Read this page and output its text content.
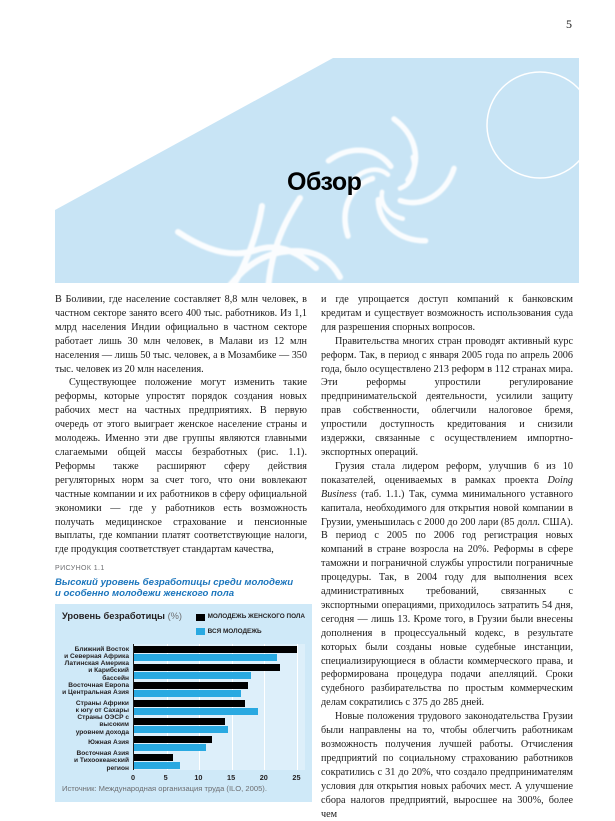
5
Обзор

В Боливии, где население составляет 8,8 млн человек, в частном секторе занято всего 400 тыс. работников. Из 1,1 млрд населения Индии официально в частном секторе работает лишь 30 млн человек, в Малави из 12 млн населения — лишь 50 тыс. человек, а в Мозамбике — 350 тыс. человек из 20 млн населения.

Существующее положение могут изменить такие реформы, которые упростят порядок создания новых рабочих мест на частных предприятиях. В первую очередь от этого выиграет женское население страны и молодежь. Именно эти две группы являются главными слагаемыми общей массы безработных (рис. 1.1). Реформы также расширяют сферу действия регуляторных норм за счет того, что они вовлекают частные компании и их работников в сферу официальной экономики — где у работников есть возможность получать медицинское страхование и пенсионные выплаты, где компании платят соответствующие налоги, где продукция соответствует стандартам качества,

РИСУНОК 1.1
Высокий уровень безработицы среди молодежи
и особенно молодежи женского пола
Уровень безработицы (%)	МОЛОДЕЖЬ ЖЕНСКОГО ПОЛА
ВСЯ МОЛОДЕЖЬ
Ближний Восток
и Северная Африка
Латинская Америка
и Карибский бассейн
Восточная Европа
и Центральная Азия
Страны Африки
к югу от Сахары
Страны ОЭСР с высоким
уровнем дохода
Южная Азия
Восточная Азия
и Тихоокеанский регион
0	5	10	15	20	25
Источник: Международная организация труда (ILO, 2005).

и где упрощается доступ компаний к банковским кредитам и существует возможность использования суда для разрешения спорных вопросов.

Правительства многих стран проводят активный курс реформ. Так, в период с января 2005 года по апрель 2006 года, было осуществлено 213 реформ в 112 странах мира. Эти реформы упростили регулирование предпринимательской деятельности, усилили защиту прав собственности, облегчили налоговое бремя, упростили доступность кредитования и снизили издержки, связанные с осуществлением импортно-экспортных операций.

Грузия стала лидером реформ, улучшив 6 из 10 показателей, оцениваемых в рамках проекта Doing Business (таб. 1.1.) Так, сумма минимального уставного капитала, необходимого для открытия новой компании в Грузии, уменьшилась с 2000 до 200 лари (85 долл. США). В период с 2005 по 2006 год регистрация новых компаний в стране возросла на 20%. Реформы в сфере таможни и пограничной службы упростили пограничные процедуры. Так, в 2004 году для выполнения всех административных требований, связанных с экспортными операциями, приходилось затратить 54 дня, сегодня — лишь 13. Кроме того, в Грузии были внесены дополнения в процессуальный кодекс, в результате которых были созданы новые судебные инстанции, специализирующиеся в области коммерческого права, и реформирована процедура подачи апелляций. Сроки судебного разбирательства по простым коммерческим делам сократились с 375 до 285 дней.

Новые положения трудового законодательства Грузии были направлены на то, чтобы облегчить работникам возможность получения лучшей работы. Отчисления предприятий по социальному страхованию работников сократились с 31 до 20%, что создало предпринимателям условия для открытия новых рабочих мест. А улучшение сбора налогов предприятий, выросшее на 300%, более чем
